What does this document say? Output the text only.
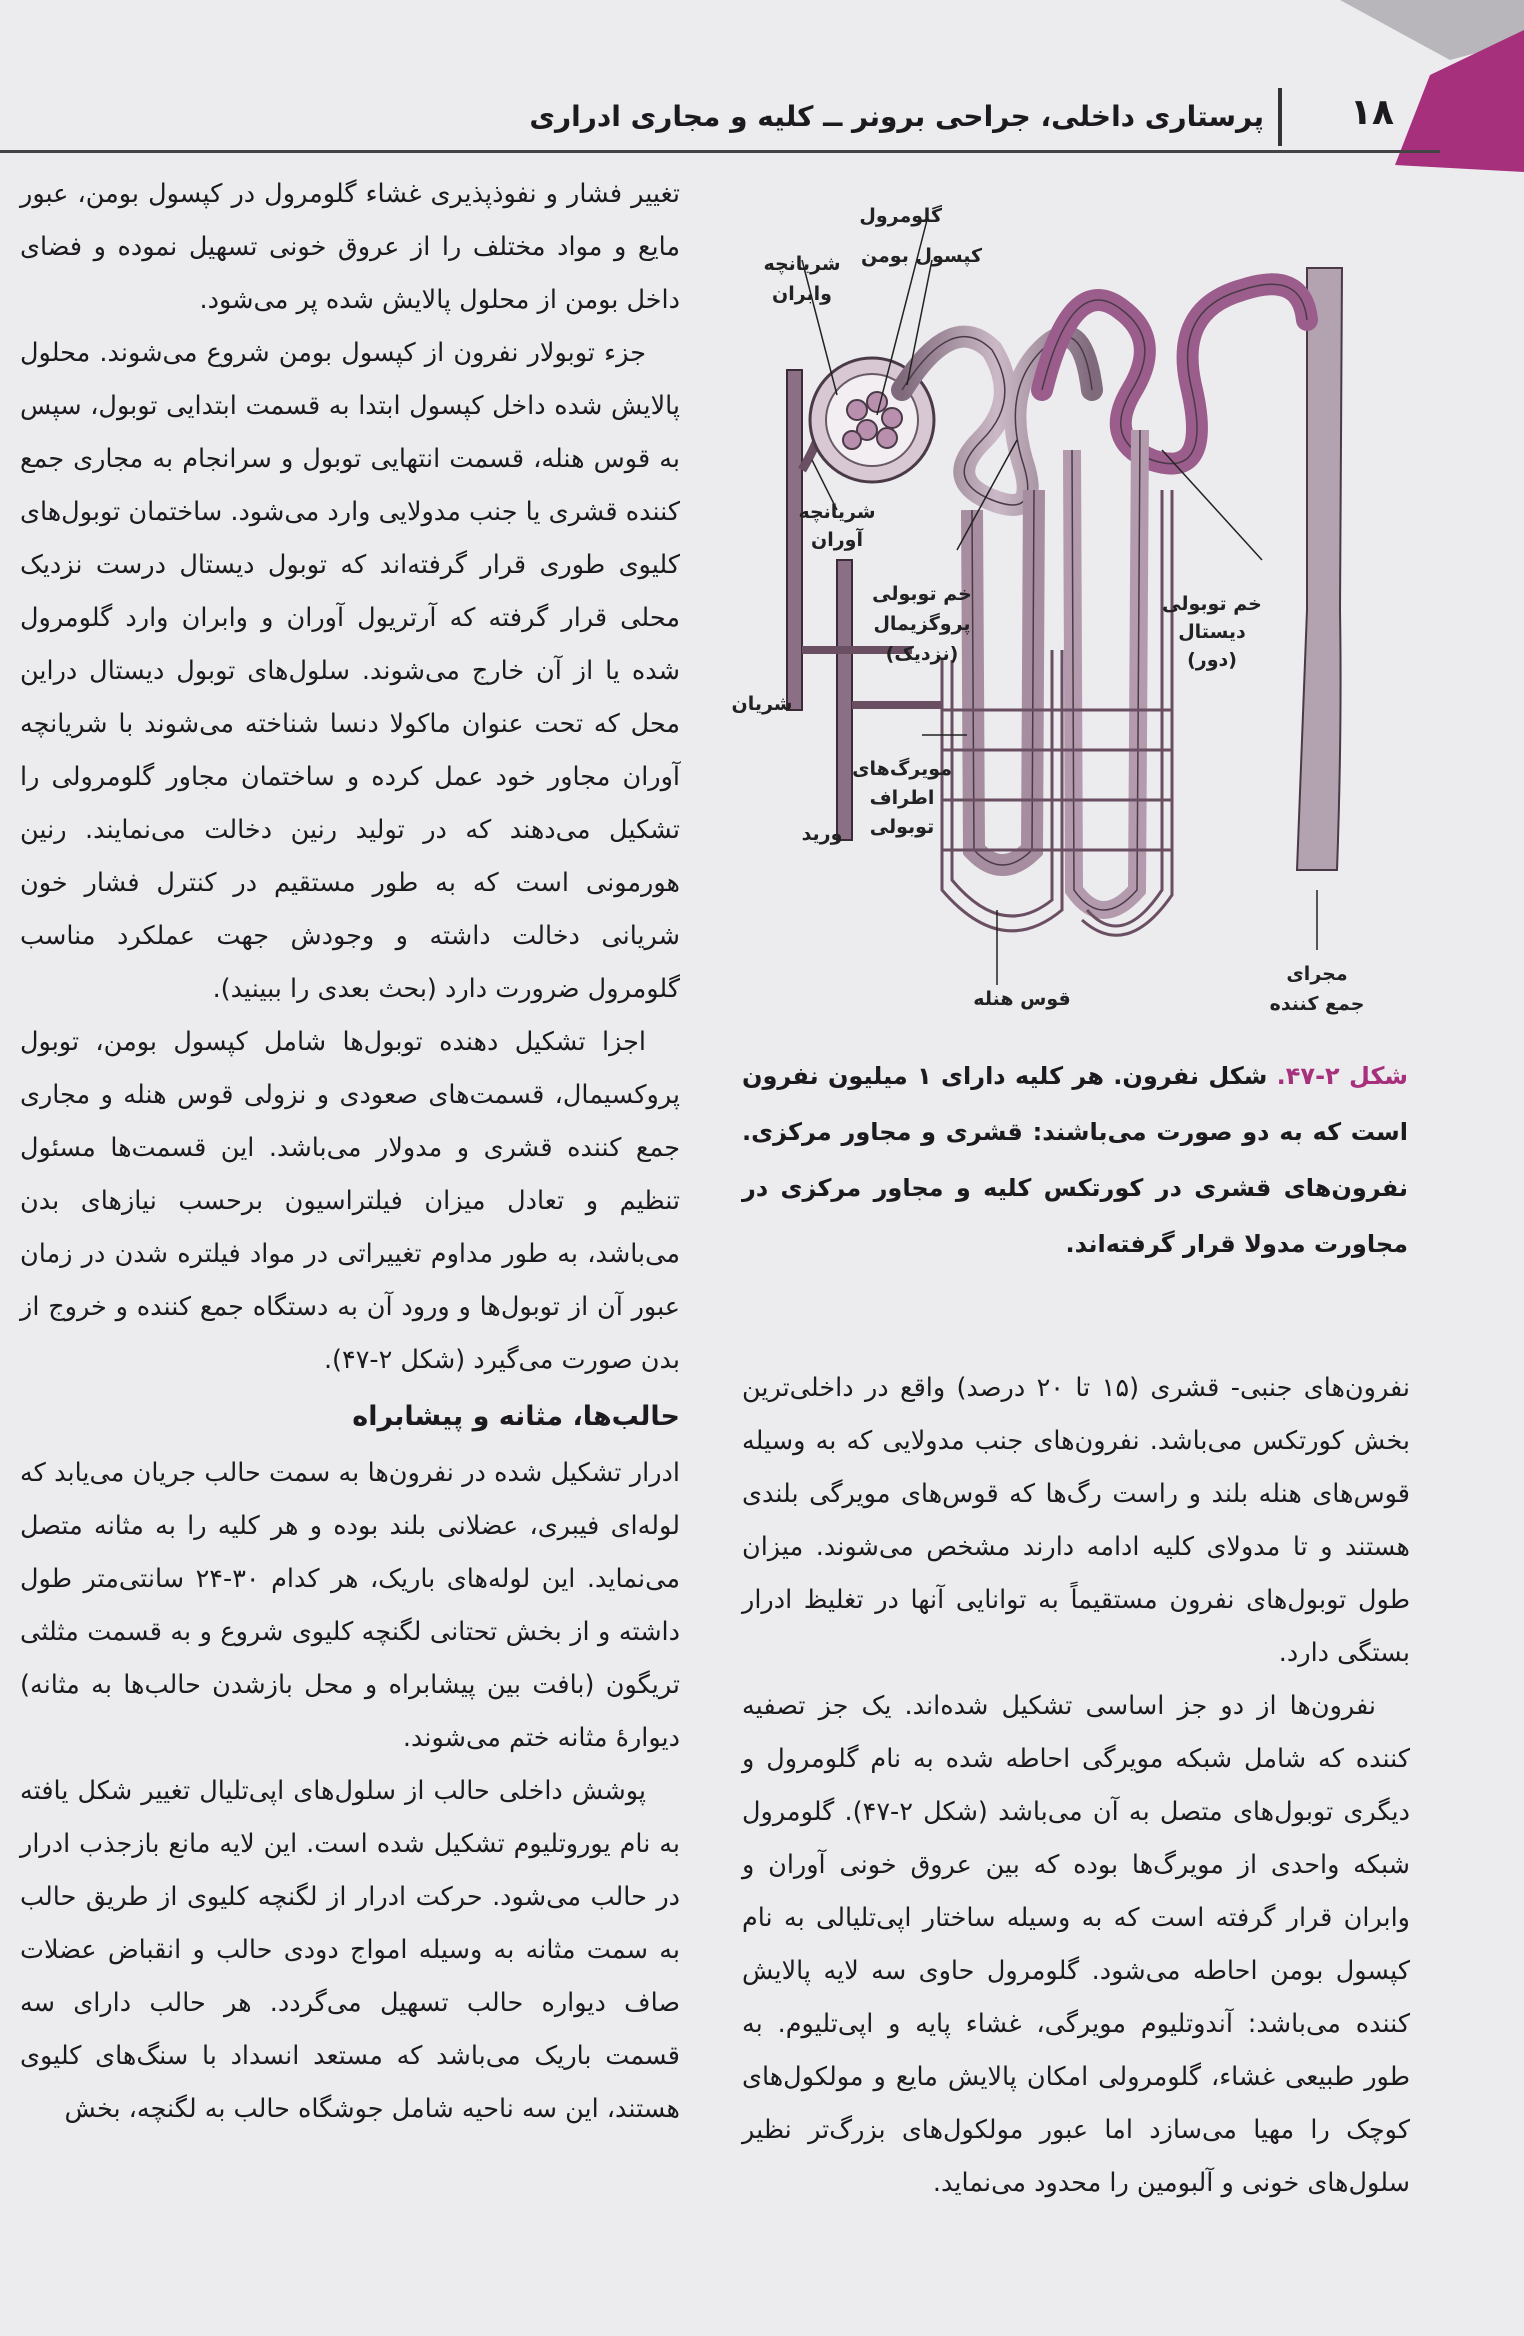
۱۸
پرستاری داخلی، جراحی برونر ــ کلیه و مجاری ادراری
گلومرول
کپسول بومن
شریانچه
وابران
شریانچه
آوران
خم توبولی
پروگزیمال
(نزدیک)
خم توبولی
دیستال
(دور)
شریان
مویرگ‌های
اطراف
توبولی
ورید
مجرای
جمع کننده
قوس هنله
شکل ۲-۴۷. شکل نفرون. هر کلیه دارای ۱ میلیون نفرون است که به دو صورت می‌باشند: قشری و مجاور مرکزی. نفرون‌های قشری در کورتکس کلیه و مجاور مرکزی در مجاورت مدولا قرار گرفته‌اند.

تغییر فشار و نفوذپذیری غشاء گلومرول در کپسول بومن، عبور مایع و مواد مختلف را از عروق خونی تسهیل نموده و فضای داخل بومن از محلول پالایش شده پر می‌شود.

جزء توبولار نفرون از کپسول بومن شروع می‌شوند. محلول پالایش شده داخل کپسول ابتدا به قسمت ابتدایی توبول، سپس به قوس هنله، قسمت انتهایی توبول و سرانجام به مجاری جمع کننده قشری یا جنب مدولایی وارد می‌شود. ساختمان توبول‌های کلیوی طوری قرار گرفته‌اند که توبول دیستال درست نزدیک محلی قرار گرفته که آرتریول آوران و وابران وارد گلومرول شده یا از آن خارج می‌شوند. سلول‌های توبول دیستال دراین محل که تحت عنوان ماکولا دنسا شناخته می‌شوند با شریانچه آوران مجاور خود عمل کرده و ساختمان مجاور گلومرولی را تشکیل می‌دهند که در تولید رنین دخالت می‌نمایند. رنین هورمونی است که به طور مستقیم در کنترل فشار خون شریانی دخالت داشته و وجودش جهت عملکرد مناسب گلومرول ضرورت دارد (بحث بعدی را ببینید).

اجزا تشکیل دهنده توبول‌ها شامل کپسول بومن، توبول پروکسیمال، قسمت‌های صعودی و نزولی قوس هنله و مجاری جمع کننده قشری و مدولار می‌باشد. این قسمت‌ها مسئول تنظیم و تعادل میزان فیلتراسیون برحسب نیازهای بدن می‌باشد، به طور مداوم تغییراتی در مواد فیلتره شدن در زمان عبور آن از توبول‌ها و ورود آن به دستگاه جمع کننده و خروج از بدن صورت می‌گیرد (شکل ۲-۴۷).

حالب‌ها، مثانه و پیشابراه

ادرار تشکیل شده در نفرون‌ها به سمت حالب جریان می‌یابد که لوله‌ای فیبری، عضلانی بلند بوده و هر کلیه را به مثانه متصل می‌نماید. این لوله‌های باریک، هر کدام ۳۰-۲۴ سانتی‌متر طول داشته و از بخش تحتانی لگنچه کلیوی شروع و به قسمت مثلثی تریگون (بافت بین پیشابراه و محل بازشدن حالب‌ها به مثانه) دیوارهٔ مثانه ختم می‌شوند.

پوشش داخلی حالب از سلول‌های اپی‌تلیال تغییر شکل یافته به نام یوروتلیوم تشکیل شده است. این لایه مانع بازجذب ادرار در حالب می‌شود. حرکت ادرار از لگنچه کلیوی از طریق حالب به سمت مثانه به وسیله امواج دودی حالب و انقباض عضلات صاف دیواره حالب تسهیل می‌گردد. هر حالب دارای سه قسمت باریک می‌باشد که مستعد انسداد با سنگ‌های کلیوی هستند، این سه ناحیه شامل جوشگاه حالب به لگنچه، بخش

نفرون‌های جنبی- قشری (۱۵ تا ۲۰ درصد) واقع در داخلی‌ترین بخش کورتکس می‌باشد. نفرون‌های جنب مدولایی که به وسیله قوس‌های هنله بلند و راست رگ‌ها که قوس‌های مویرگی بلندی هستند و تا مدولای کلیه ادامه دارند مشخص می‌شوند. میزان طول توبول‌های نفرون مستقیماً به توانایی آنها در تغلیظ ادرار بستگی دارد.

نفرون‌ها از دو جز اساسی تشکیل شده‌اند. یک جز تصفیه کننده که شامل شبکه مویرگی احاطه شده به نام گلومرول و دیگری توبول‌های متصل به آن می‌باشد (شکل ۲-۴۷). گلومرول شبکه واحدی از مویرگ‌ها بوده که بین عروق خونی آوران و وابران قرار گرفته است که به وسیله ساختار اپی‌تلیالی به نام کپسول بومن احاطه می‌شود. گلومرول حاوی سه لایه پالایش کننده می‌باشد: آندوتلیوم مویرگی، غشاء پایه و اپی‌تلیوم. به طور طبیعی غشاء، گلومرولی امکان پالایش مایع و مولکول‌های کوچک را مهیا می‌سازد اما عبور مولکول‌های بزرگ‌تر نظیر سلول‌های خونی و آلبومین را محدود می‌نماید.
